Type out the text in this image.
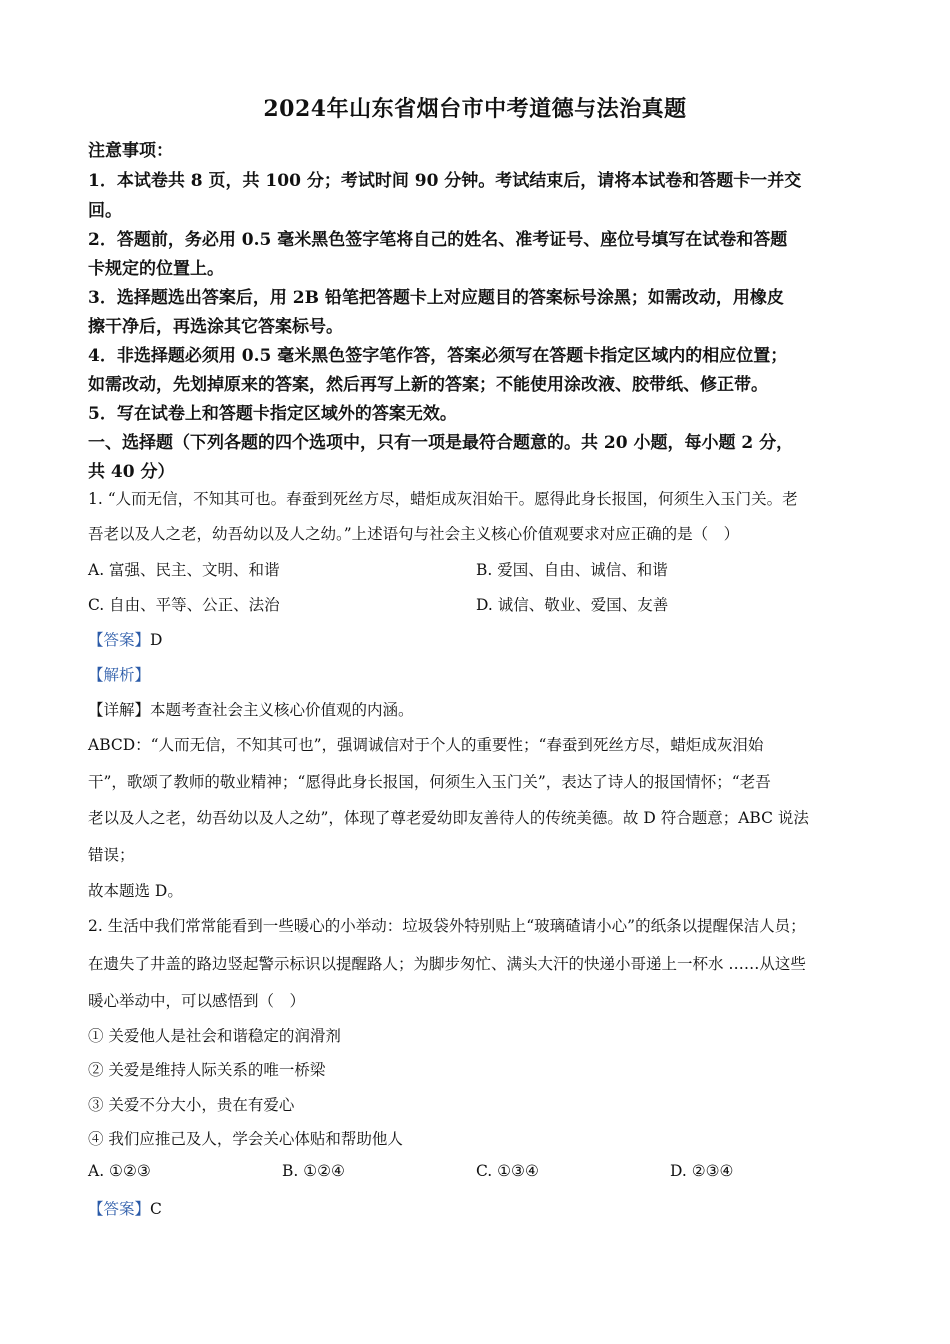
2024年山东省烟台市中考道德与法治真题
注意事项：
1．本试卷共 8 页，共 100 分；考试时间 90 分钟。考试结束后，请将本试卷和答题卡一并交
回。
2．答题前，务必用 0.5 毫米黑色签字笔将自己的姓名、准考证号、座位号填写在试卷和答题
卡规定的位置上。
3．选择题选出答案后，用 2B 铅笔把答题卡上对应题目的答案标号涂黑；如需改动，用橡皮
擦干净后，再选涂其它答案标号。
4．非选择题必须用 0.5 毫米黑色签字笔作答，答案必须写在答题卡指定区域内的相应位置；
如需改动，先划掉原来的答案，然后再写上新的答案；不能使用涂改液、胶带纸、修正带。
5．写在试卷上和答题卡指定区域外的答案无效。
一、选择题（下列各题的四个选项中，只有一项是最符合题意的。共 20 小题，每小题 2 分，
共 40 分）
1. “人而无信，不知其可也。春蚕到死丝方尽，蜡炬成灰泪始干。愿得此身长报国，何须生入玉门关。老
吾老以及人之老，幼吾幼以及人之幼。”上述语句与社会主义核心价值观要求对应正确的是（　）
A. 富强、民主、文明、和谐	B. 爱国、自由、诚信、和谐
C. 自由、平等、公正、法治	D. 诚信、敬业、爱国、友善
【答案】D
【解析】
【详解】本题考查社会主义核心价值观的内涵。
ABCD：“人而无信，不知其可也”，强调诚信对于个人的重要性；“春蚕到死丝方尽，蜡炬成灰泪始
干”，歌颂了教师的敬业精神；“愿得此身长报国，何须生入玉门关”，表达了诗人的报国情怀；“老吾
老以及人之老，幼吾幼以及人之幼”，体现了尊老爱幼即友善待人的传统美德。故 D 符合题意；ABC 说法
错误；
故本题选 D。
2. 生活中我们常常能看到一些暖心的小举动：垃圾袋外特别贴上“玻璃碴请小心”的纸条以提醒保洁人员；
在遗失了井盖的路边竖起警示标识以提醒路人；为脚步匆忙、满头大汗的快递小哥递上一杯水 ……从这些
暖心举动中，可以感悟到（　）
① 关爱他人是社会和谐稳定的润滑剂
② 关爱是维持人际关系的唯一桥梁
③ 关爱不分大小，贵在有爱心
④ 我们应推己及人，学会关心体贴和帮助他人
A. ①②③	B. ①②④	C. ①③④	D. ②③④
【答案】C
